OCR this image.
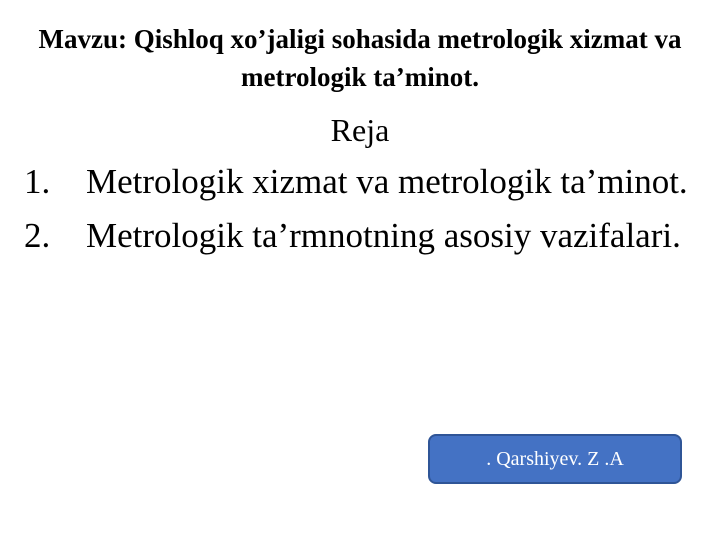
Mavzu: Qishloq xo’jaligi sohasida metrologik xizmat va metrologik ta’minot.
Reja
1. Metrologik xizmat va metrologik ta’minot.
2. Metrologik ta’rmnotning asosiy vazifalari.
. Qarshiyev. Z .A
